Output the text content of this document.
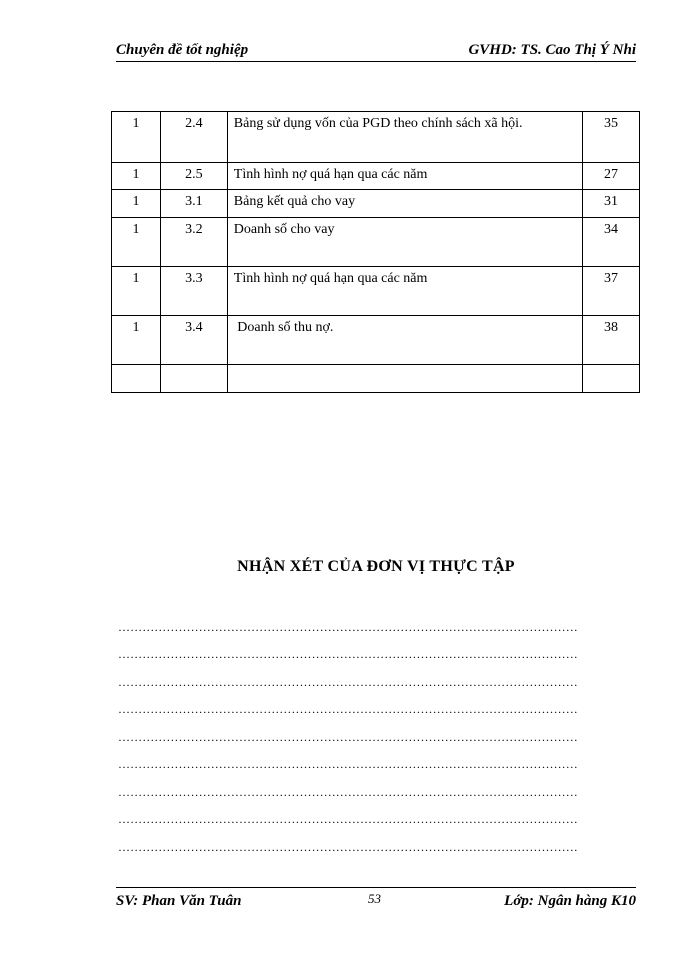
Chuyên đề tốt nghiệp	GVHD: TS. Cao Thị Ý Nhi
1	2.4	Bảng sử dụng vốn của PGD theo chính sách xã hội.	35
1	2.5	Tình hình nợ quá hạn qua các năm	27
1	3.1	Bảng kết quả cho vay	31
1	3.2	Doanh số cho vay	34
1	3.3	Tình hình nợ quá hạn qua các năm	37
1	3.4	Doanh số thu nợ.	38

NHẬN XÉT CỦA ĐƠN VỊ THỰC TẬP
……………………………………………………………………………………………………
……………………………………………………………………………………………………
……………………………………………………………………………………………………
……………………………………………………………………………………………………
……………………………………………………………………………………………………
……………………………………………………………………………………………………
……………………………………………………………………………………………………
……………………………………………………………………………………………………
……………………………………………………………………………………………………
SV: Phan Văn Tuân	53	Lớp: Ngân hàng K10
